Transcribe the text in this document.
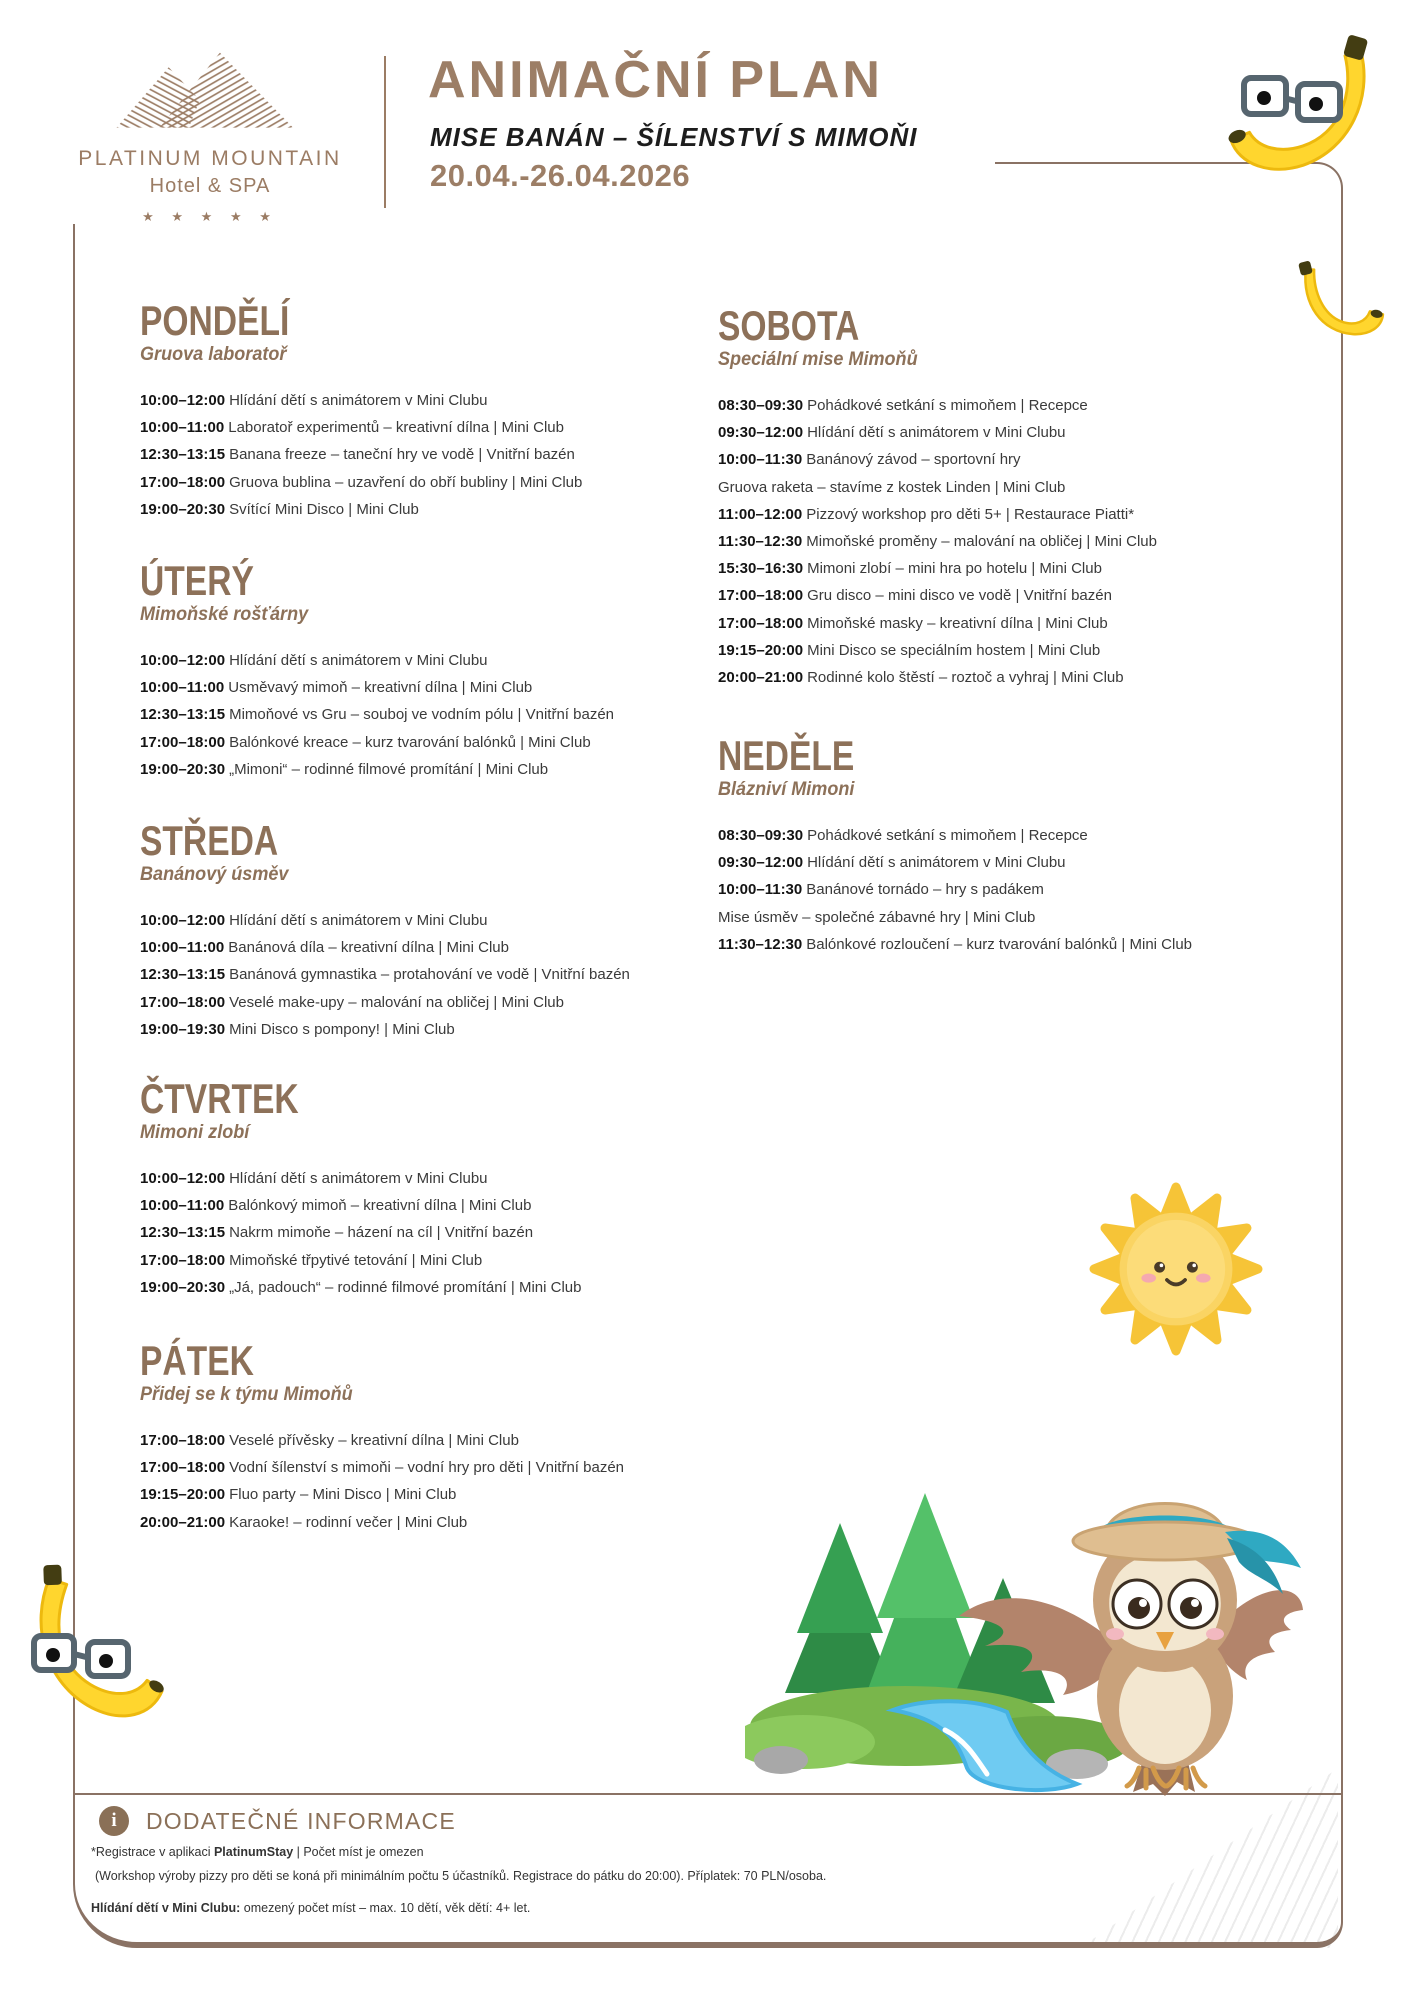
PLATINUM MOUNTAIN
Hotel & SPA
★ ★ ★ ★ ★
ANIMAČNÍ PLAN
MISE BANÁN – ŠÍLENSTVÍ S MIMOŇI
20.04.-26.04.2026
PONDĚLÍ
Gruova laboratoř
10:00–12:00 Hlídání dětí s animátorem v Mini Clubu
10:00–11:00 Laboratoř experimentů – kreativní dílna | Mini Club
12:30–13:15 Banana freeze – taneční hry ve vodě | Vnitřní bazén
17:00–18:00 Gruova bublina – uzavření do obří bubliny | Mini Club
19:00–20:30 Svítící Mini Disco | Mini Club
ÚTERÝ
Mimoňské rošťárny
10:00–12:00 Hlídání dětí s animátorem v Mini Clubu
10:00–11:00 Usměvavý mimoň – kreativní dílna | Mini Club
12:30–13:15 Mimoňové vs Gru – souboj ve vodním pólu | Vnitřní bazén
17:00–18:00 Balónkové kreace – kurz tvarování balónků | Mini Club
19:00–20:30 „Mimoni“ – rodinné filmové promítání | Mini Club
STŘEDA
Banánový úsměv
10:00–12:00 Hlídání dětí s animátorem v Mini Clubu
10:00–11:00 Banánová díla – kreativní dílna | Mini Club
12:30–13:15 Banánová gymnastika – protahování ve vodě | Vnitřní bazén
17:00–18:00 Veselé make-upy – malování na obličej | Mini Club
19:00–19:30 Mini Disco s pompony! | Mini Club
ČTVRTEK
Mimoni zlobí
10:00–12:00 Hlídání dětí s animátorem v Mini Clubu
10:00–11:00 Balónkový mimoň – kreativní dílna | Mini Club
12:30–13:15 Nakrm mimoňe – házení na cíl | Vnitřní bazén
17:00–18:00 Mimoňské třpytivé tetování | Mini Club
19:00–20:30 „Já, padouch“ – rodinné filmové promítání | Mini Club
PÁTEK
Přidej se k týmu Mimoňů
17:00–18:00 Veselé přívěsky – kreativní dílna | Mini Club
17:00–18:00 Vodní šílenství s mimoňi – vodní hry pro děti | Vnitřní bazén
19:15–20:00 Fluo party – Mini Disco | Mini Club
20:00–21:00 Karaoke! – rodinní večer | Mini Club
SOBOTA
Speciální mise Mimoňů
08:30–09:30 Pohádkové setkání s mimoňem | Recepce
09:30–12:00 Hlídání dětí s animátorem v Mini Clubu
10:00–11:30 Banánový závod – sportovní hry
Gruova raketa – stavíme z kostek Linden | Mini Club
11:00–12:00 Pizzový workshop pro děti 5+ | Restaurace Piatti*
11:30–12:30 Mimoňské proměny – malování na obličej | Mini Club
15:30–16:30 Mimoni zlobí – mini hra po hotelu | Mini Club
17:00–18:00 Gru disco – mini disco ve vodě | Vnitřní bazén
17:00–18:00 Mimoňské masky – kreativní dílna | Mini Club
19:15–20:00 Mini Disco se speciálním hostem | Mini Club
20:00–21:00 Rodinné kolo štěstí – roztoč a vyhraj | Mini Club
NEDĚLE
Blázniví Mimoni
08:30–09:30 Pohádkové setkání s mimoňem | Recepce
09:30–12:00 Hlídání dětí s animátorem v Mini Clubu
10:00–11:30 Banánové tornádo – hry s padákem
Mise úsměv – společné zábavné hry | Mini Club
11:30–12:30 Balónkové rozloučení – kurz tvarování balónků | Mini Club
i	DODATEČNÉ INFORMACE
*Registrace v aplikaci PlatinumStay | Počet míst je omezen
(Workshop výroby pizzy pro děti se koná při minimálním počtu 5 účastníků. Registrace do pátku do 20:00). Příplatek: 70 PLN/osoba.
Hlídání dětí v Mini Clubu: omezený počet míst – max. 10 dětí, věk dětí: 4+ let.
